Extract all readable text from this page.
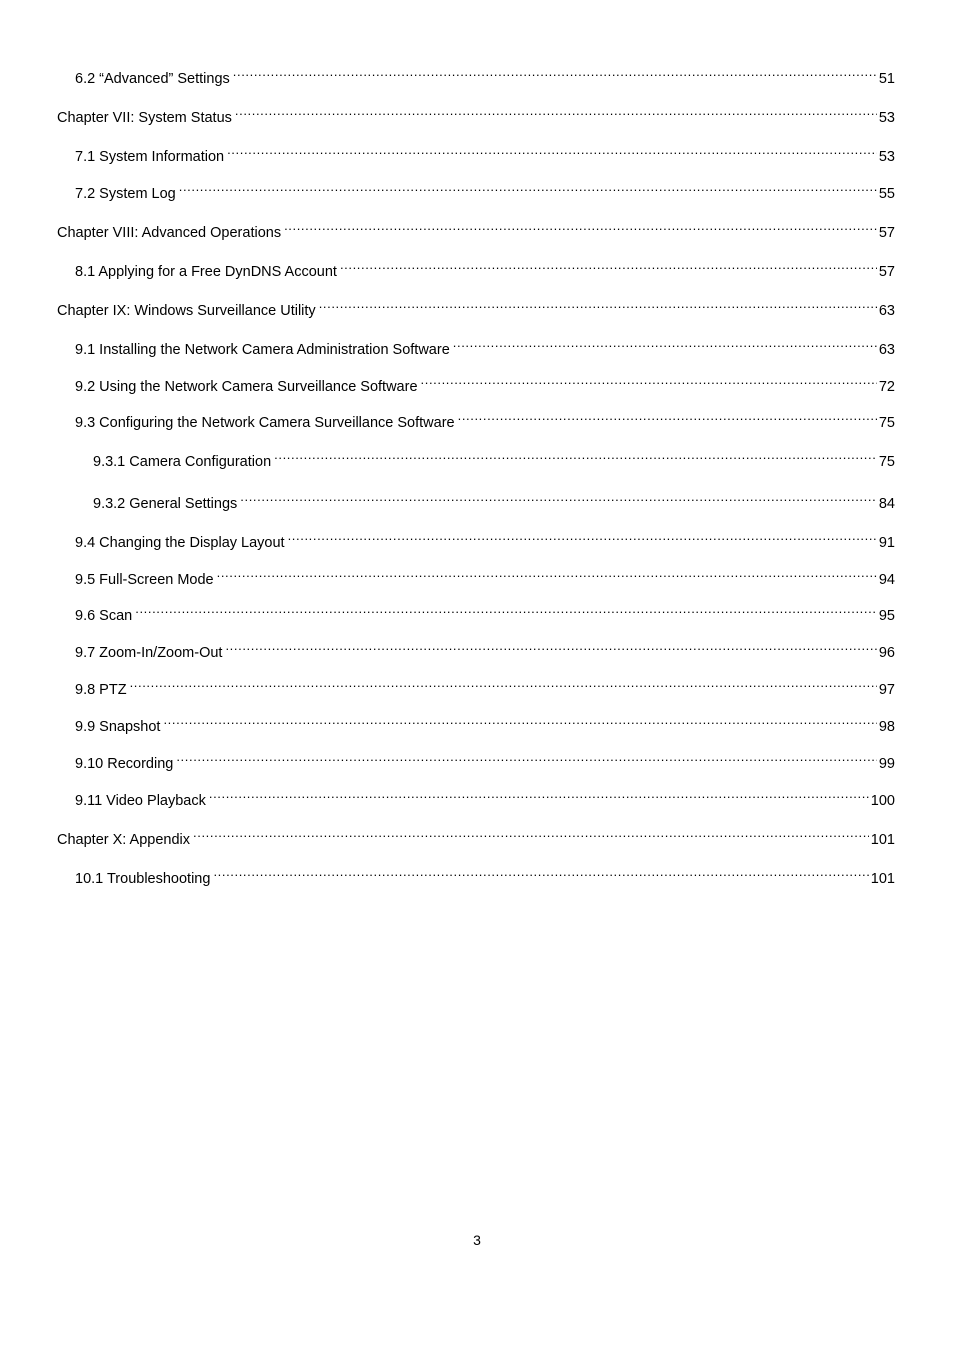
6.2 “Advanced” Settings .....	51
Chapter VII: System Status .....	53
7.1 System Information .....	53
7.2 System Log .....	55
Chapter VIII: Advanced Operations .....	57
8.1 Applying for a Free DynDNS Account .....	57
Chapter IX: Windows Surveillance Utility .....	63
9.1 Installing the Network Camera Administration Software .....	63
9.2 Using the Network Camera Surveillance Software .....	72
9.3 Configuring the Network Camera Surveillance Software .....	75
9.3.1 Camera Configuration .....	75
9.3.2 General Settings .....	84
9.4 Changing the Display Layout .....	91
9.5 Full-Screen Mode .....	94
9.6 Scan .....	95
9.7 Zoom-In/Zoom-Out .....	96
9.8 PTZ .....	97
9.9 Snapshot .....	98
9.10 Recording .....	99
9.11 Video Playback .....	100
Chapter X: Appendix .....	101
10.1 Troubleshooting .....	101
3
